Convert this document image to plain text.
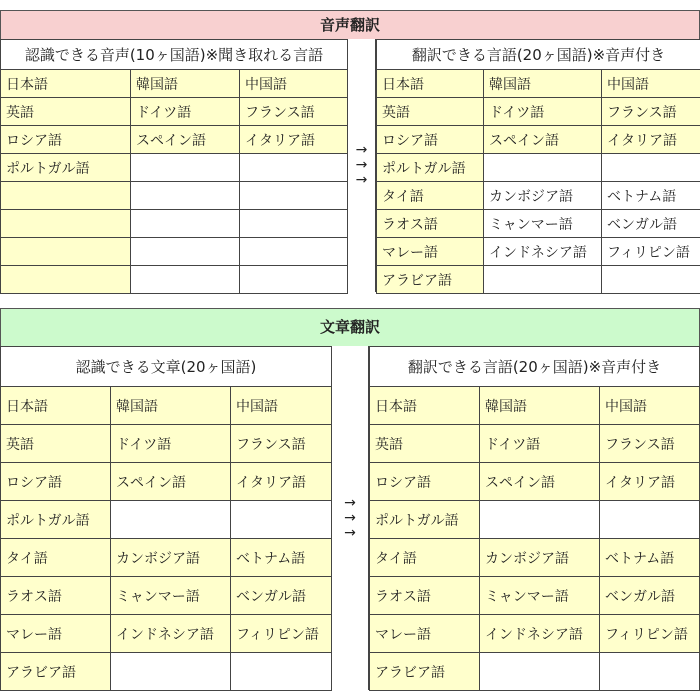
音声翻訳
認識できる音声(10ヶ国語)※聞き取れる言語		
日本語	韓国語	中国語
英語	ドイツ語	フランス語
ロシア語	スペイン語	イタリア語
ポルトガル語		

→
→
→
翻訳できる言語(20ヶ国語)※音声付き		
日本語	韓国語	中国語
英語	ドイツ語	フランス語
ロシア語	スペイン語	イタリア語
ポルトガル語		
タイ語	カンボジア語	ベトナム語
ラオス語	ミャンマー語	ベンガル語
マレー語	インドネシア語	フィリピン語
アラビア語		
文章翻訳
認識できる文章(20ヶ国語)		
日本語	韓国語	中国語
英語	ドイツ語	フランス語
ロシア語	スペイン語	イタリア語
ポルトガル語		
タイ語	カンボジア語	ベトナム語
ラオス語	ミャンマー語	ベンガル語
マレー語	インドネシア語	フィリピン語
アラビア語		
→
→
→
翻訳できる言語(20ヶ国語)※音声付き		
日本語	韓国語	中国語
英語	ドイツ語	フランス語
ロシア語	スペイン語	イタリア語
ポルトガル語		
タイ語	カンボジア語	ベトナム語
ラオス語	ミャンマー語	ベンガル語
マレー語	インドネシア語	フィリピン語
アラビア語		
